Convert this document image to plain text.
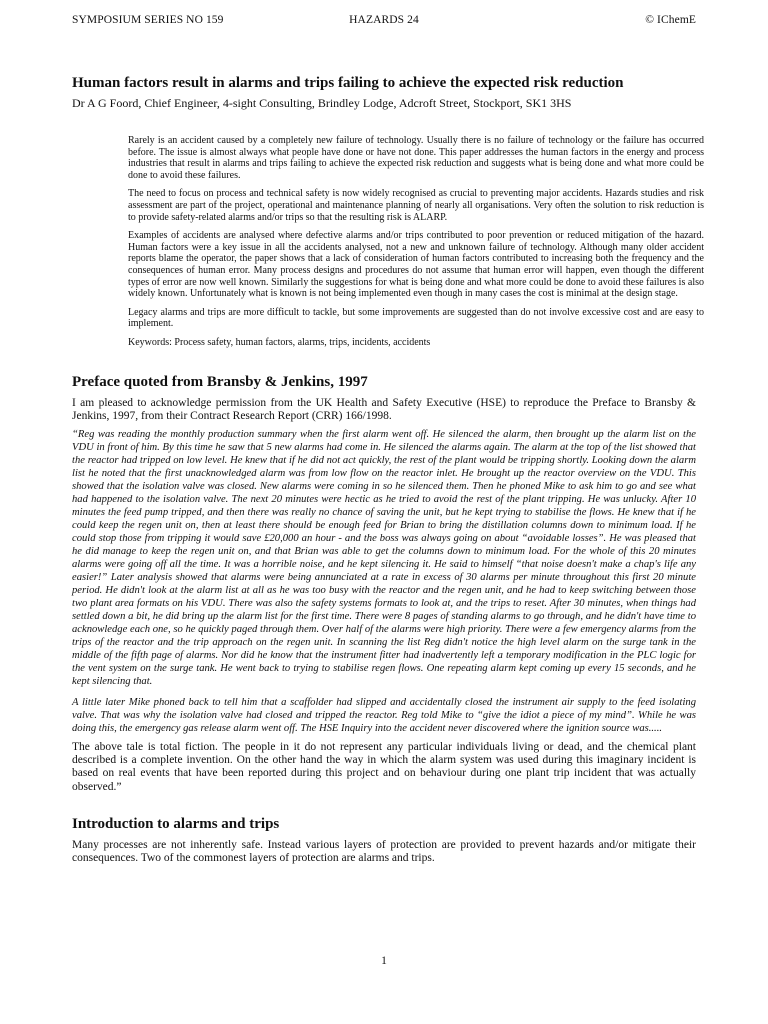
SYMPOSIUM SERIES NO 159	HAZARDS 24	© IChemE
Human factors result in alarms and trips failing to achieve the expected risk reduction

Dr A G Foord, Chief Engineer, 4-sight Consulting, Brindley Lodge, Adcroft Street, Stockport, SK1 3HS

Rarely is an accident caused by a completely new failure of technology. Usually there is no failure of technology or the failure has occurred before. The issue is almost always what people have done or have not done. This paper addresses the human factors in the energy and process industries that result in alarms and trips failing to achieve the expected risk reduction and suggests what is being done and what more could be done to avoid these failures.

The need to focus on process and technical safety is now widely recognised as crucial to preventing major accidents. Hazards studies and risk assessment are part of the project, operational and maintenance planning of nearly all organisations. Very often the solution to risk reduction is to provide safety-related alarms and/or trips so that the resulting risk is ALARP.

Examples of accidents are analysed where defective alarms and/or trips contributed to poor prevention or reduced mitigation of the hazard. Human factors were a key issue in all the accidents analysed, not a new and unknown failure of technology. Although many older accident reports blame the operator, the paper shows that a lack of consideration of human factors contributed to increasing both the frequency and the consequences of human error. Many process designs and procedures do not assume that human error will happen, even though the different types of error are now well known. Similarly the suggestions for what is being done and what more could be done to avoid these failures is also widely known. Unfortunately what is known is not being implemented even though in many cases the cost is minimal at the design stage.

Legacy alarms and trips are more difficult to tackle, but some improvements are suggested than do not involve excessive cost and are easy to implement.

Keywords: Process safety, human factors, alarms, trips, incidents, accidents

Preface quoted from Bransby & Jenkins, 1997

I am pleased to acknowledge permission from the UK Health and Safety Executive (HSE) to reproduce the Preface to Bransby & Jenkins, 1997, from their Contract Research Report (CRR) 166/1998.

“Reg was reading the monthly production summary when the first alarm went off. He silenced the alarm, then brought up the alarm list on the VDU in front of him. By this time he saw that 5 new alarms had come in. He silenced the alarms again. The alarm at the top of the list showed that the reactor had tripped on low level. He knew that if he did not act quickly, the rest of the plant would be tripping shortly. Looking down the alarm list he noted that the first unacknowledged alarm was from low flow on the reactor inlet. He brought up the reactor overview on the VDU. This showed that the isolation valve was closed. New alarms were coming in so he silenced them. Then he phoned Mike to ask him to go and see what had happened to the isolation valve. The next 20 minutes were hectic as he tried to avoid the rest of the plant tripping. He was unlucky. After 10 minutes the feed pump tripped, and then there was really no chance of saving the unit, but he kept trying to stabilise the flows. He knew that if he could keep the regen unit on, then at least there should be enough feed for Brian to bring the distillation columns down to minimum load. If he could stop those from tripping it would save £20,000 an hour - and the boss was always going on about “avoidable losses”. He was pleased that he did manage to keep the regen unit on, and that Brian was able to get the columns down to minimum load. For the whole of this 20 minutes alarms were going off all the time. It was a horrible noise, and he kept silencing it. He said to himself “that noise doesn't make a chap's life any easier!” Later analysis showed that alarms were being annunciated at a rate in excess of 30 alarms per minute throughout this first 20 minute period. He didn't look at the alarm list at all as he was too busy with the reactor and the regen unit, and he had to keep switching between those two plant area formats on his VDU. There was also the safety systems formats to look at, and the trips to reset. After 30 minutes, when things had settled down a bit, he did bring up the alarm list for the first time. There were 8 pages of standing alarms to go through, and he didn't have time to acknowledge each one, so he quickly paged through them. Over half of the alarms were high priority. There were a few emergency alarms from the trips of the reactor and the trip approach on the regen unit. In scanning the list Reg didn't notice the high level alarm on the surge tank in the middle of the fifth page of alarms. Nor did he know that the instrument fitter had inadvertently left a temporary modification in the PLC logic for the vent system on the surge tank. He went back to trying to stabilise regen flows. One repeating alarm kept coming up every 15 seconds, and he kept silencing that.

A little later Mike phoned back to tell him that a scaffolder had slipped and accidentally closed the instrument air supply to the feed isolating valve. That was why the isolation valve had closed and tripped the reactor. Reg told Mike to “give the idiot a piece of my mind”. While he was doing this, the emergency gas release alarm went off. The HSE Inquiry into the accident never discovered where the ignition source was.....

The above tale is total fiction. The people in it do not represent any particular individuals living or dead, and the chemical plant described is a complete invention. On the other hand the way in which the alarm system was used during this imaginary incident is based on real events that have been reported during this project and on behaviour during one plant trip incident that was actually observed.”

Introduction to alarms and trips

Many processes are not inherently safe. Instead various layers of protection are provided to prevent hazards and/or mitigate their consequences. Two of the commonest layers of protection are alarms and trips.

1
